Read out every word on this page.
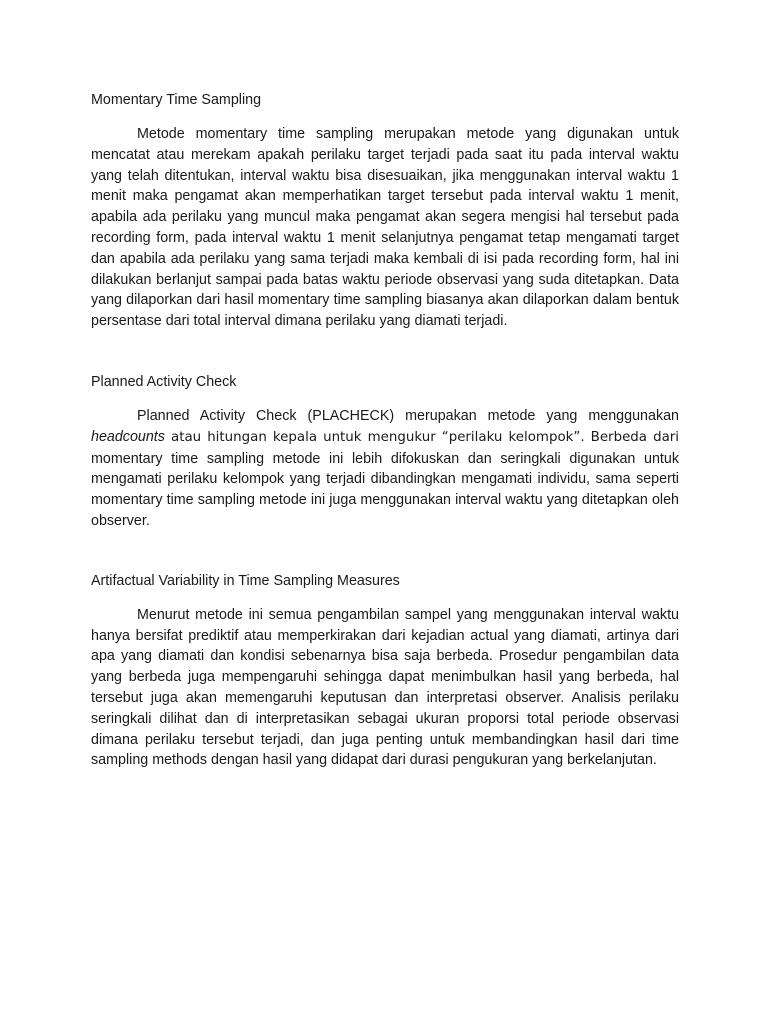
Momentary Time Sampling

Metode momentary time sampling merupakan metode yang digunakan untuk mencatat atau merekam apakah perilaku target terjadi pada saat itu pada interval waktu yang telah ditentukan, interval waktu bisa disesuaikan, jika menggunakan interval waktu 1 menit maka pengamat akan memperhatikan target tersebut pada interval waktu 1 menit, apabila ada perilaku yang muncul maka pengamat akan segera mengisi hal tersebut pada recording form, pada interval waktu 1 menit selanjutnya pengamat tetap mengamati target dan apabila ada perilaku yang sama terjadi maka kembali di isi pada recording form, hal ini dilakukan berlanjut sampai pada batas waktu periode observasi yang suda ditetapkan. Data yang dilaporkan dari hasil momentary time sampling biasanya akan dilaporkan dalam bentuk persentase dari total interval dimana perilaku yang diamati terjadi.

Planned Activity Check

Planned Activity Check (PLACHECK) merupakan metode yang menggunakan headcounts atau hitungan kepala untuk mengukur “perilaku kelompok”. Berbeda dari momentary time sampling metode ini lebih difokuskan dan seringkali digunakan untuk mengamati perilaku kelompok yang terjadi dibandingkan mengamati individu, sama seperti momentary time sampling metode ini juga menggunakan interval waktu yang ditetapkan oleh observer.

Artifactual Variability in Time Sampling Measures

Menurut metode ini semua pengambilan sampel yang menggunakan interval waktu hanya bersifat prediktif atau memperkirakan dari kejadian actual yang diamati, artinya dari apa yang diamati dan kondisi sebenarnya bisa saja berbeda. Prosedur pengambilan data yang berbeda juga mempengaruhi sehingga dapat menimbulkan hasil yang berbeda, hal tersebut juga akan memengaruhi keputusan dan interpretasi observer. Analisis perilaku seringkali dilihat dan di interpretasikan sebagai ukuran proporsi total periode observasi dimana perilaku tersebut terjadi, dan juga penting untuk membandingkan hasil dari time sampling methods dengan hasil yang didapat dari durasi pengukuran yang berkelanjutan.
